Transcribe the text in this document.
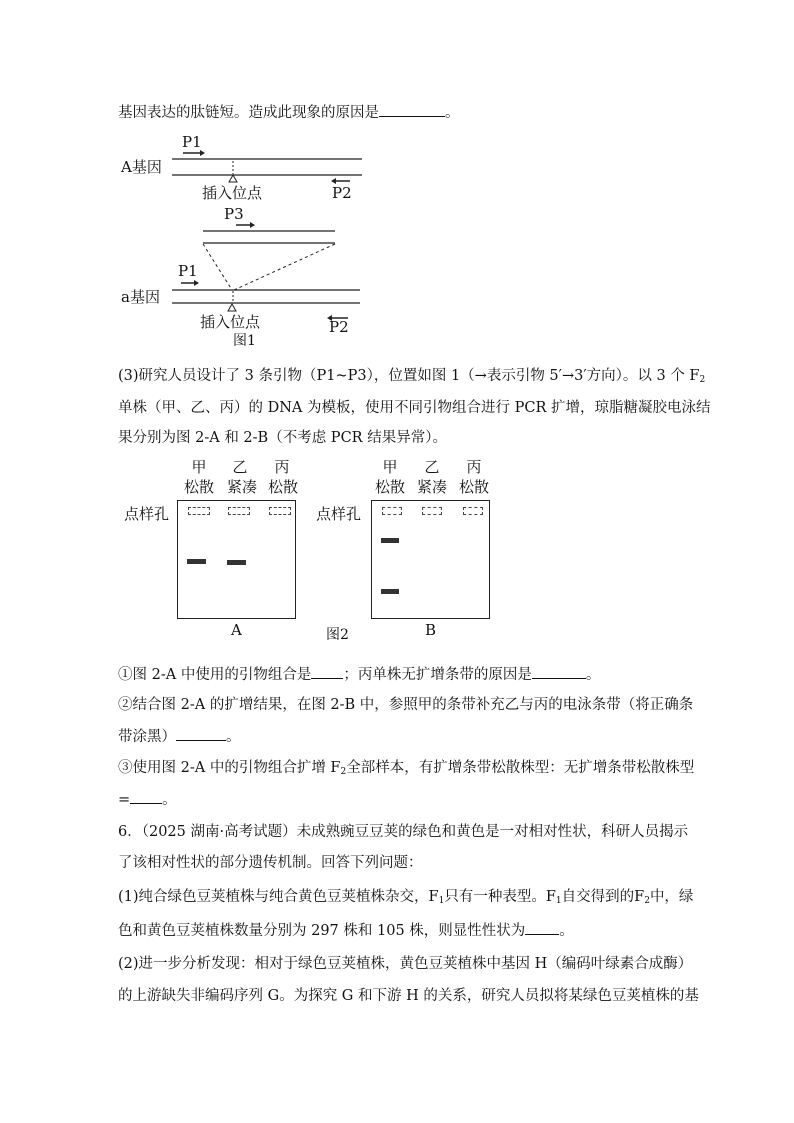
基因表达的肽链短。造成此现象的原因是	。
P1
A基因
插入位点	P2
P3
P1
a基因
插入位点	P2
图1
(3)研究人员设计了 3 条引物（P1~P3），位置如图 1（→表示引物 5′→3′方向）。以 3 个 $F_2$
单株（甲、乙、丙）的 DNA 为模板，使用不同引物组合进行 PCR 扩增，琼脂糖凝胶电泳结
果分别为图 2-A 和 2-B（不考虑 PCR 结果异常）。
甲	乙	丙
松散 紧凑 松散
甲	乙	丙
松散 紧凑 松散
点样孔	点样孔
A	图2	B
①图 2-A 中使用的引物组合是 ；丙单株无扩增条带的原因是	。
②结合图 2-A 的扩增结果，在图 2-B 中，参照甲的条带补充乙与丙的电泳条带（将正确条
带涂黑）	。
③使用图 2-A 中的引物组合扩增 $F_2$全部样本，有扩增条带松散株型：无扩增条带松散株型
= 。
6．（2025 湖南·高考试题）未成熟豌豆豆荚的绿色和黄色是一对相对性状，科研人员揭示
了该相对性状的部分遗传机制。回答下列问题：
(1)纯合绿色豆荚植株与纯合黄色豆荚植株杂交，$F_1$只有一种表型。$F_1$自交得到的$F_2$中，绿
色和黄色豆荚植株数量分别为 297 株和 105 株，则显性性状为 。
(2)进一步分析发现：相对于绿色豆荚植株，黄色豆荚植株中基因 H（编码叶绿素合成酶）
的上游缺失非编码序列 G。为探究 G 和下游 H 的关系，研究人员拟将某绿色豆荚植株的基
